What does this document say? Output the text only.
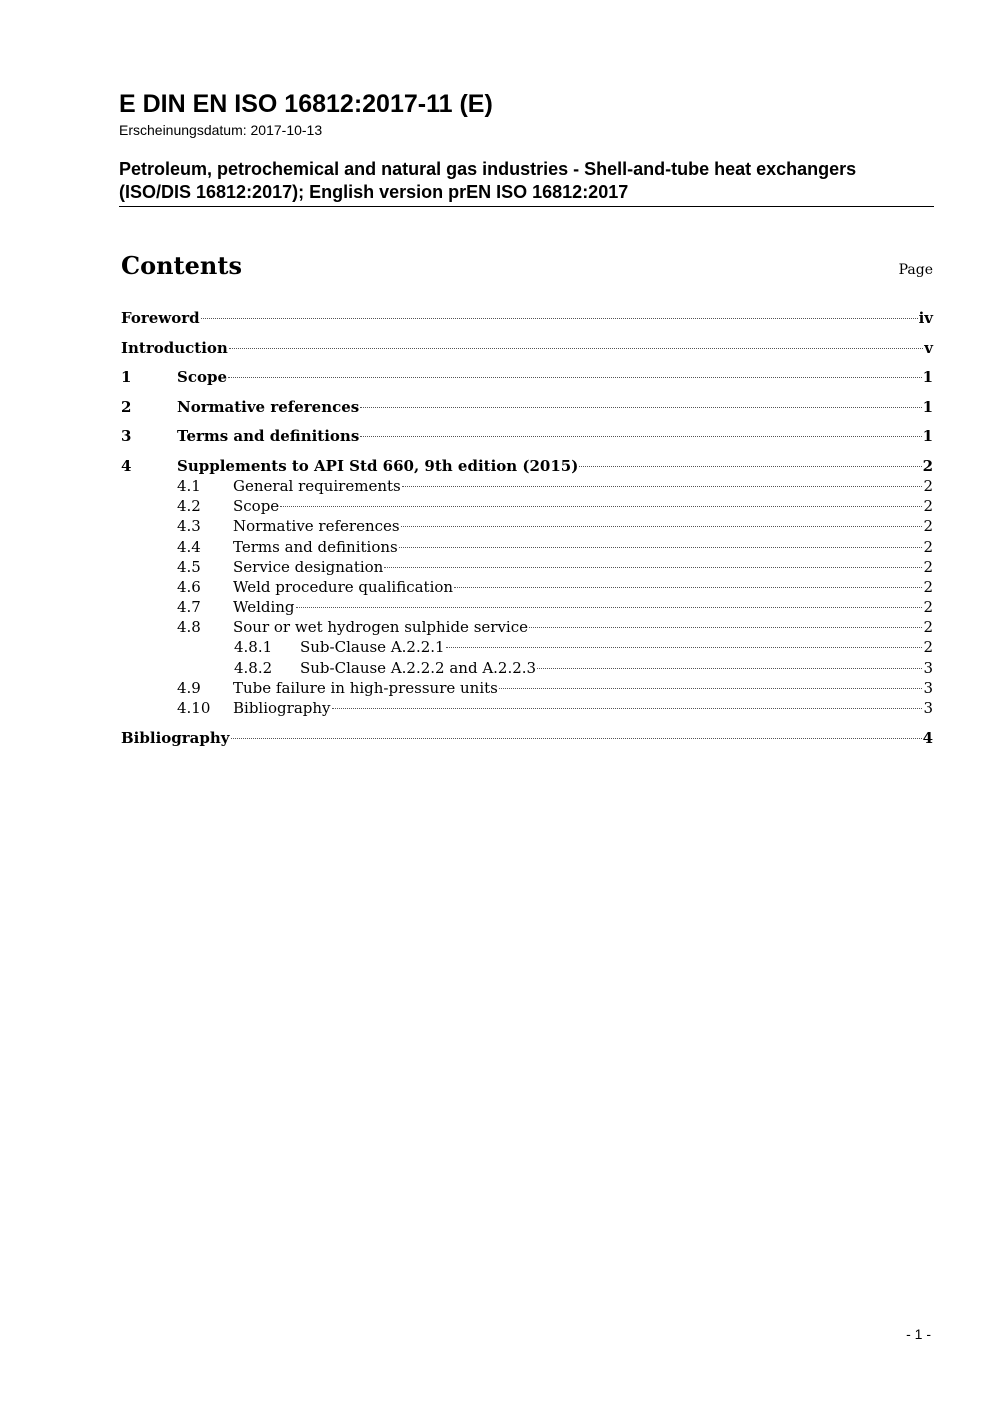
E DIN EN ISO 16812:2017-11 (E)
Erscheinungsdatum: 2017-10-13
Petroleum, petrochemical and natural gas industries - Shell-and-tube heat exchangers (ISO/DIS 16812:2017); English version prEN ISO 16812:2017
Contents	Page
Foreword	iv
Introduction	v
1	Scope	1
2	Normative references	1
3	Terms and definitions	1
4	Supplements to API Std 660, 9th edition (2015)	2
4.1	General requirements	2
4.2	Scope	2
4.3	Normative references	2
4.4	Terms and definitions	2
4.5	Service designation	2
4.6	Weld procedure qualification	2
4.7	Welding	2
4.8	Sour or wet hydrogen sulphide service	2
4.8.1	Sub-Clause A.2.2.1	2
4.8.2	Sub-Clause A.2.2.2 and A.2.2.3	3
4.9	Tube failure in high-pressure units	3
4.10	Bibliography	3
Bibliography	4
- 1 -
